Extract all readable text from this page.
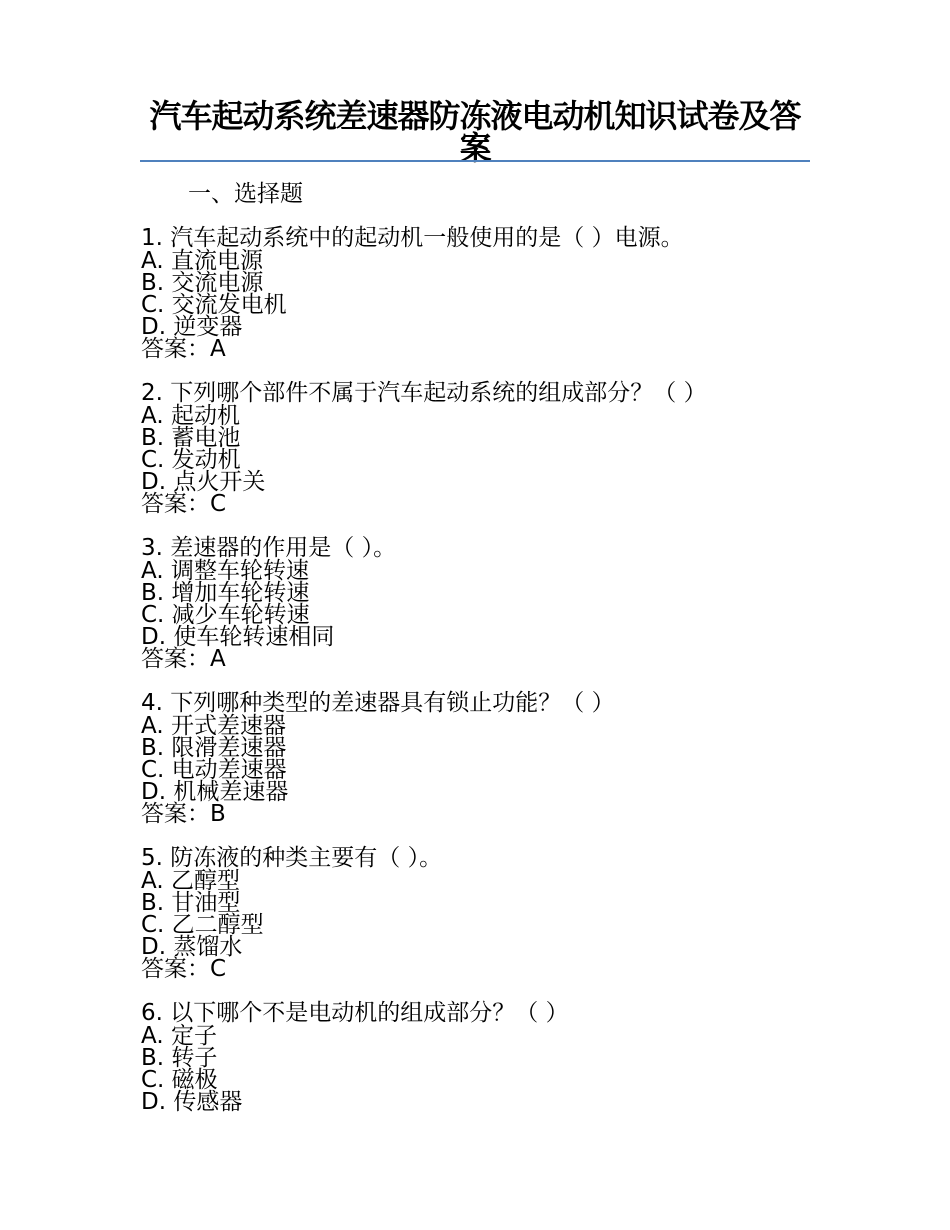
汽车起动系统差速器防冻液电动机知识试卷及答案
一、选择题
1. 汽车起动系统中的起动机一般使用的是（ ）电源。
A. 直流电源
B. 交流电源
C. 交流发电机
D. 逆变器
答案：A
2. 下列哪个部件不属于汽车起动系统的组成部分？（ ）
A. 起动机
B. 蓄电池
C. 发动机
D. 点火开关
答案：C
3. 差速器的作用是（ ）。
A. 调整车轮转速
B. 增加车轮转速
C. 减少车轮转速
D. 使车轮转速相同
答案：A
4. 下列哪种类型的差速器具有锁止功能？（ ）
A. 开式差速器
B. 限滑差速器
C. 电动差速器
D. 机械差速器
答案：B
5. 防冻液的种类主要有（ ）。
A. 乙醇型
B. 甘油型
C. 乙二醇型
D. 蒸馏水
答案：C
6. 以下哪个不是电动机的组成部分？（ ）
A. 定子
B. 转子
C. 磁极
D. 传感器
